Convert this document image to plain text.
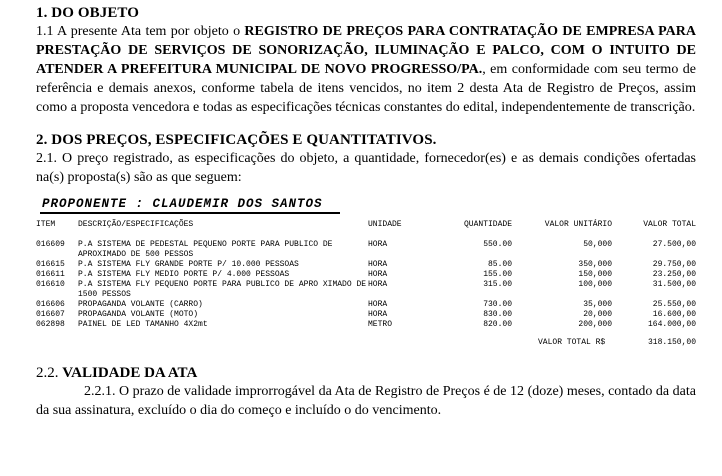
1. DO OBJETO

1.1 A presente Ata tem por objeto o REGISTRO DE PREÇOS PARA CONTRATAÇÃO DE EMPRESA PARA PRESTAÇÃO DE SERVIÇOS DE SONORIZAÇÃO, ILUMINAÇÃO E PALCO, COM O INTUITO DE ATENDER A PREFEITURA MUNICIPAL DE NOVO PROGRESSO/PA., em conformidade com seu termo de referência e demais anexos, conforme tabela de itens vencidos, no item 2 desta Ata de Registro de Preços, assim como a proposta vencedora e todas as especificações técnicas constantes do edital, independentemente de transcrição.

2. DOS PREÇOS, ESPECIFICAÇÕES E QUANTITATIVOS.

2.1. O preço registrado, as especificações do objeto, a quantidade, fornecedor(es) e as demais condições ofertadas na(s) proposta(s) são as que seguem:

PROPONENTE : CLAUDEMIR DOS SANTOS
ITEM	DESCRIÇÃO/ESPECIFICAÇÕES	UNIDADE	QUANTIDADE	VALOR UNITÁRIO	VALOR TOTAL
016609	P.A SISTEMA DE PEDESTAL PEQUENO PORTE PARA PUBLICO DE APROXIMADO DE 500 PESSOS	HORA	550.00	50,000	27.500,00
016615	P.A SISTEMA FLY GRANDE PORTE P/ 10.000 PESSOAS	HORA	85.00	350,000	29.750,00
016611	P.A SISTEMA FLY MEDIO PORTE P/ 4.000 PESSOAS	HORA	155.00	150,000	23.250,00
016610	P.A SISTEMA FLY PEQUENO PORTE PARA PUBLICO DE APRO XIMADO DE 1500 PESSOS	HORA	315.00	100,000	31.500,00
016606	PROPAGANDA VOLANTE (CARRO)	HORA	730.00	35,000	25.550,00
016607	PROPAGANDA VOLANTE (MOTO)	HORA	830.00	20,000	16.600,00
062898	PAINEL DE LED TAMANHO 4X2mt	METRO	820.00	200,000	164.000,00
VALOR TOTAL R$	318.150,00

2.2. VALIDADE DA ATA

2.2.1. O prazo de validade improrrogável da Ata de Registro de Preços é de 12 (doze) meses, contado da data da sua assinatura, excluído o dia do começo e incluído o do vencimento.
